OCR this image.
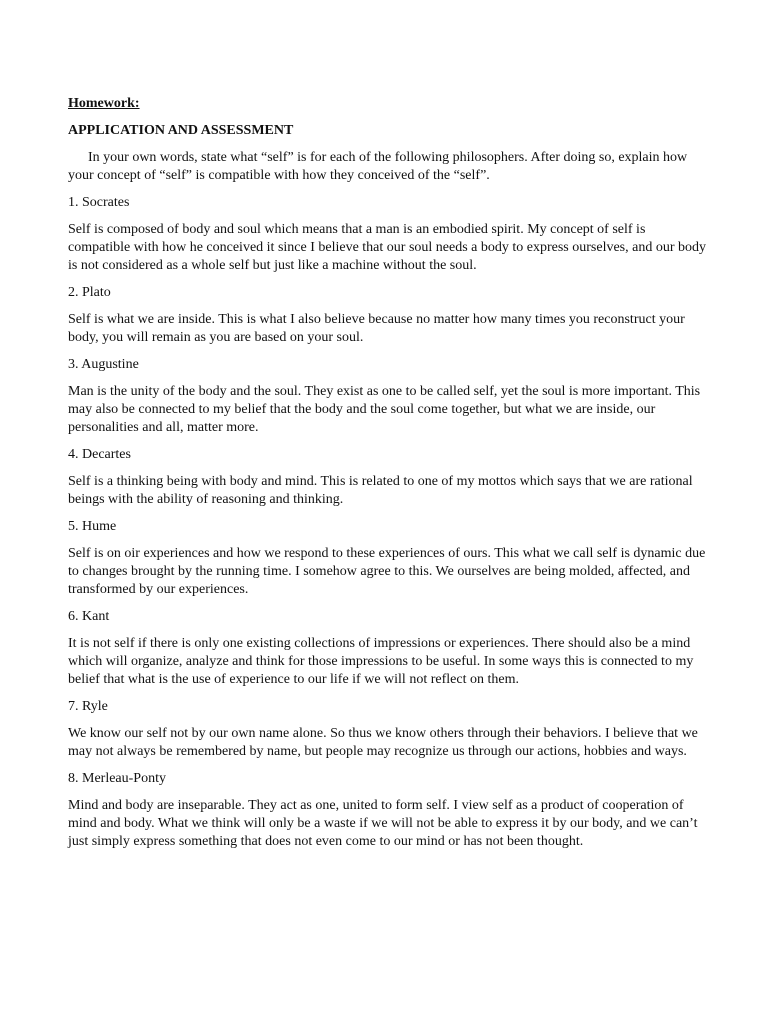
Homework:

APPLICATION AND ASSESSMENT

In your own words, state what “self” is for each of the following philosophers. After doing so, explain how your concept of “self” is compatible with how they conceived of the “self”.

1. Socrates

Self is composed of body and soul which means that a man is an embodied spirit. My concept of self is compatible with how he conceived it since I believe that our soul needs a body to express ourselves, and our body is not considered as a whole self but just like a machine without the soul.

2. Plato

Self is what we are inside. This is what I also believe because no matter how many times you reconstruct your body, you will remain as you are based on your soul.

3. Augustine

Man is the unity of the body and the soul. They exist as one to be called self, yet the soul is more important. This may also be connected to my belief that the body and the soul come together, but what we are inside, our personalities and all, matter more.

4. Decartes

Self is a thinking being with body and mind. This is related to one of my mottos which says that we are rational beings with the ability of reasoning and thinking.

5. Hume

Self is on oir experiences and how we respond to these experiences of ours. This what we call self is dynamic due to changes brought by the running time. I somehow agree to this. We ourselves are being molded, affected, and transformed by our experiences.

6. Kant

It is not self if there is only one existing collections of impressions or experiences. There should also be a mind which will organize, analyze and think for those impressions to be useful. In some ways this is connected to my belief that what is the use of experience to our life if we will not reflect on them.

7. Ryle

We know our self not by our own name alone. So thus we know others through their behaviors. I believe that we may not always be remembered by name, but people may recognize us through our actions, hobbies and ways.

8. Merleau-Ponty

Mind and body are inseparable. They act as one, united to form self. I view self as a product of cooperation of mind and body. What we think will only be a waste if we will not be able to express it by our body, and we can’t just simply express something that does not even come to our mind or has not been thought.
